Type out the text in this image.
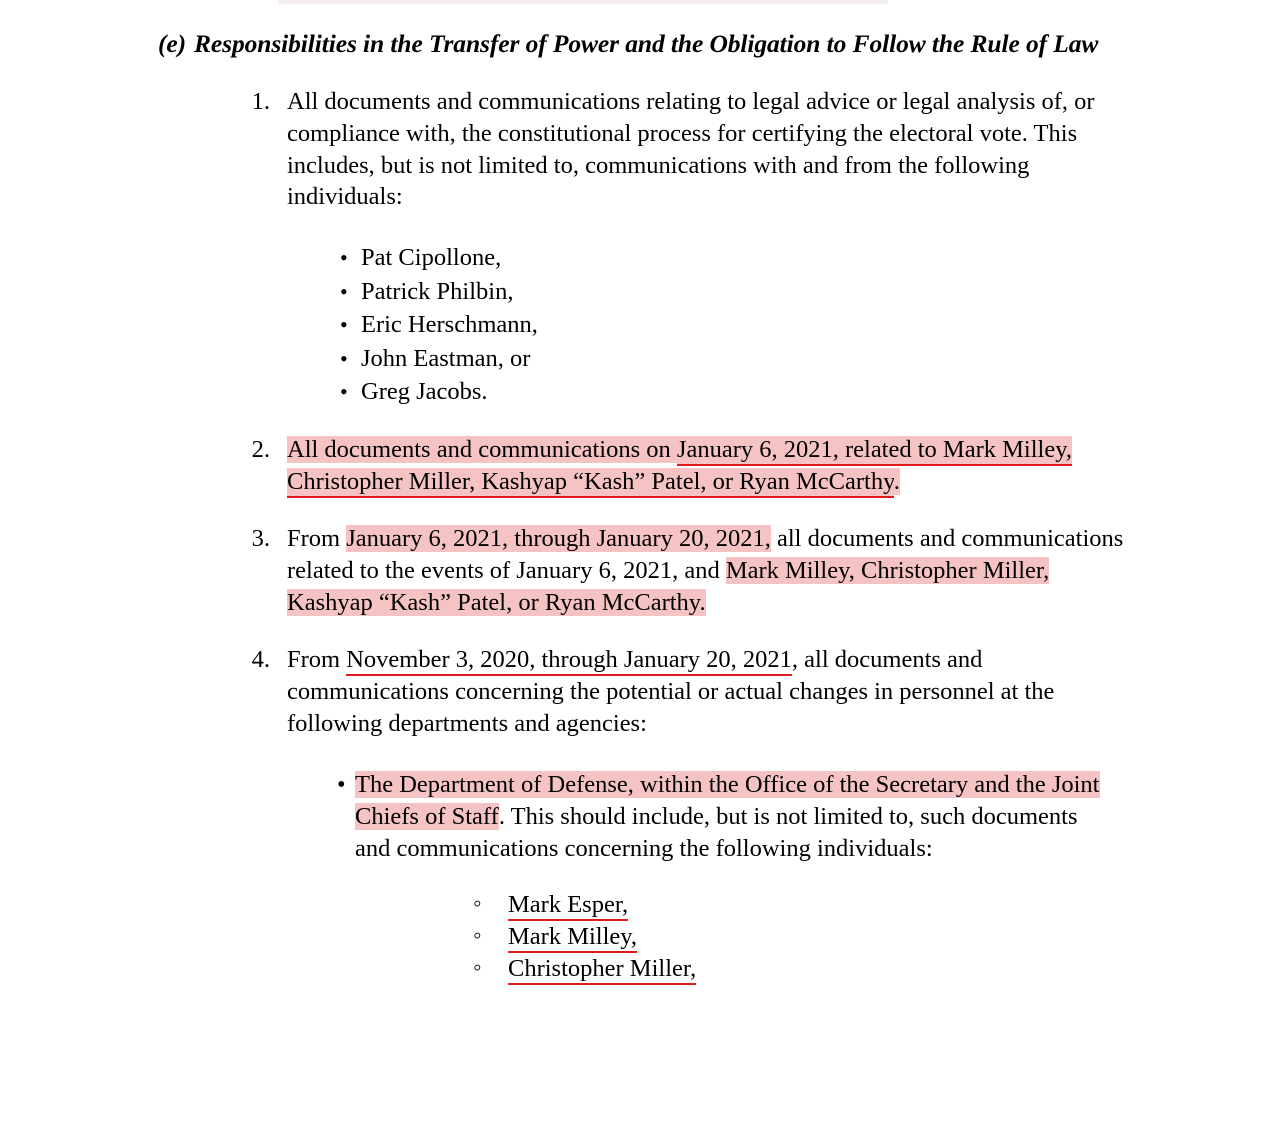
(e) Responsibilities in the Transfer of Power and the Obligation to Follow the Rule of Law
1. All documents and communications relating to legal advice or legal analysis of, or compliance with, the constitutional process for certifying the electoral vote. This includes, but is not limited to, communications with and from the following individuals:
• Pat Cipollone,
• Patrick Philbin,
• Eric Herschmann,
• John Eastman, or
• Greg Jacobs.
2. All documents and communications on January 6, 2021, related to Mark Milley, Christopher Miller, Kashyap “Kash” Patel, or Ryan McCarthy.
3. From January 6, 2021, through January 20, 2021, all documents and communications related to the events of January 6, 2021, and Mark Milley, Christopher Miller, Kashyap “Kash” Patel, or Ryan McCarthy.
4. From November 3, 2020, through January 20, 2021, all documents and communications concerning the potential or actual changes in personnel at the following departments and agencies:
• The Department of Defense, within the Office of the Secretary and the Joint Chiefs of Staff. This should include, but is not limited to, such documents and communications concerning the following individuals:
◦ Mark Esper,
◦ Mark Milley,
◦ Christopher Miller,
